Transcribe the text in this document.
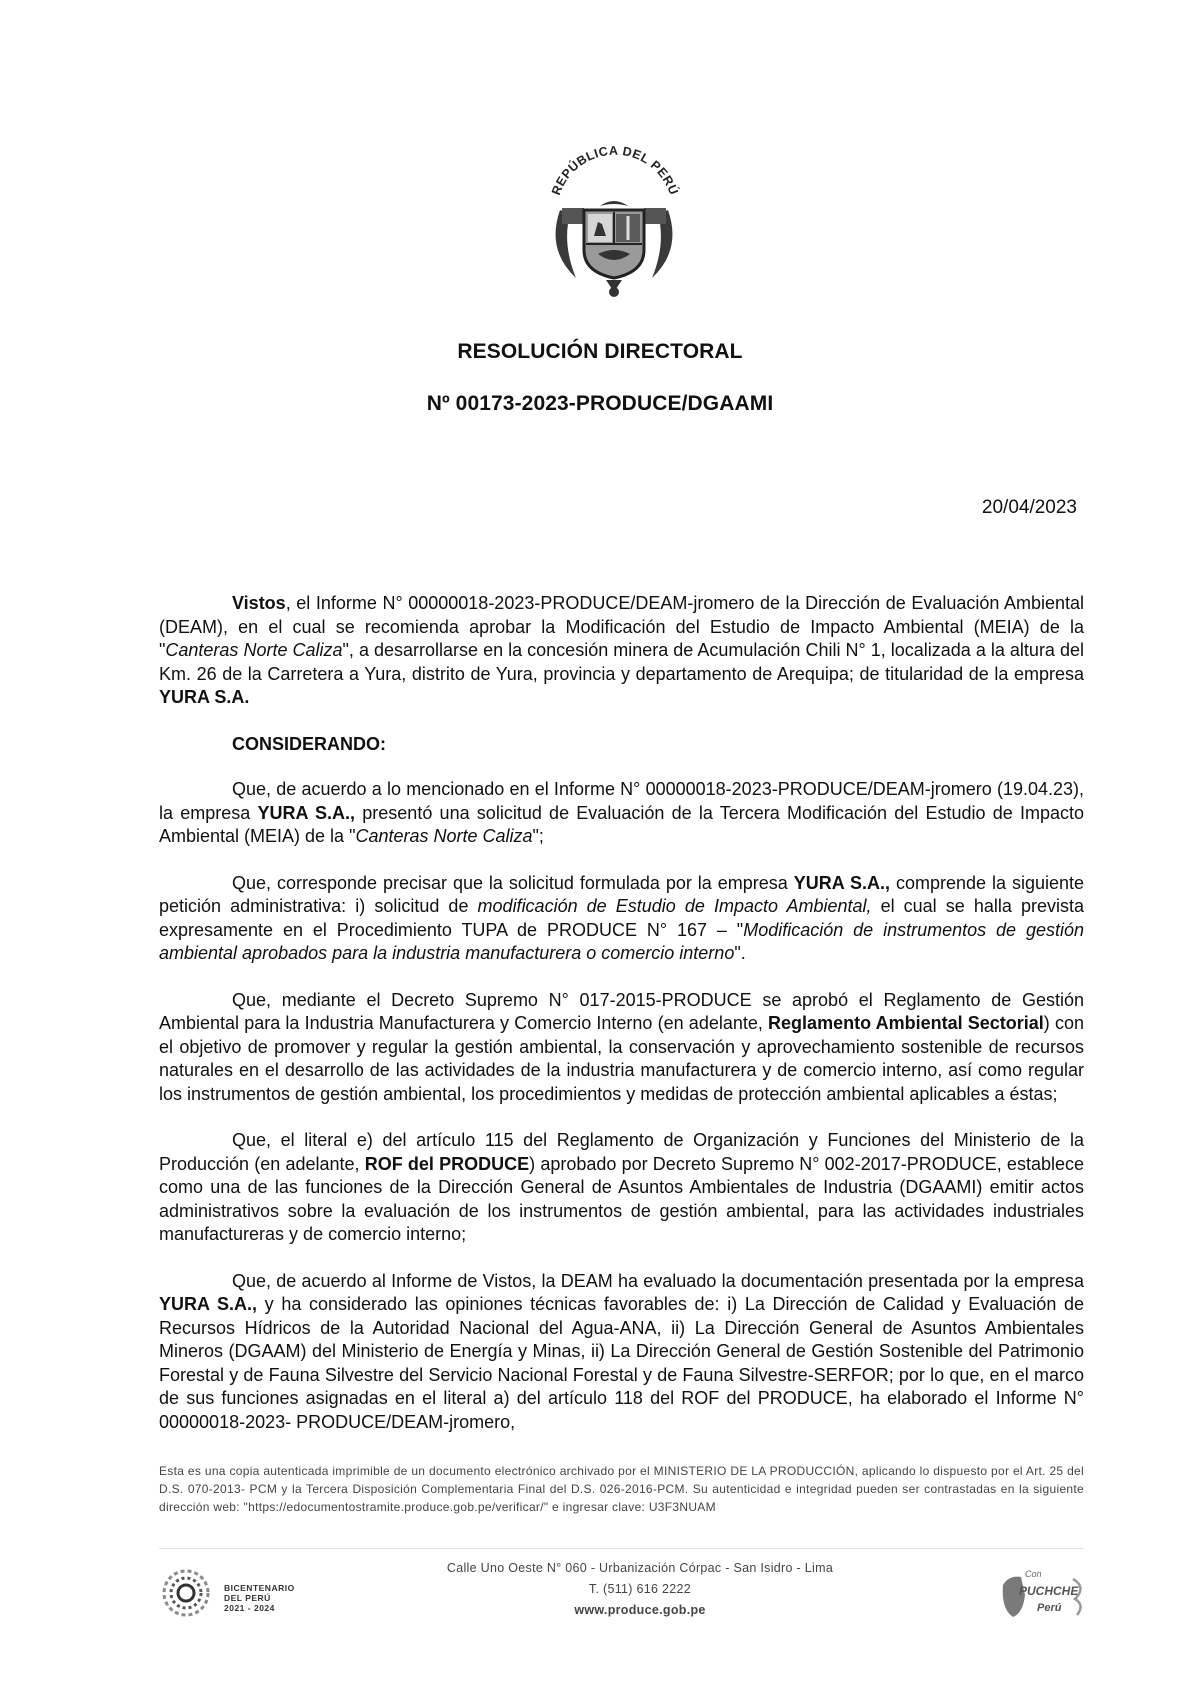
REPÚBLICA DEL PERÚ
RESOLUCIÓN DIRECTORAL
Nº 00173-2023-PRODUCE/DGAAMI
20/04/2023

Vistos, el Informe N° 00000018-2023-PRODUCE/DEAM-jromero de la Dirección de Evaluación Ambiental (DEAM), en el cual se recomienda aprobar la Modificación del Estudio de Impacto Ambiental (MEIA) de la "Canteras Norte Caliza", a desarrollarse en la concesión minera de Acumulación Chili N° 1, localizada a la altura del Km. 26 de la Carretera a Yura, distrito de Yura, provincia y departamento de Arequipa; de titularidad de la empresa YURA S.A.

CONSIDERANDO:

Que, de acuerdo a lo mencionado en el Informe N° 00000018-2023-PRODUCE/DEAM-jromero (19.04.23), la empresa YURA S.A., presentó una solicitud de Evaluación de la Tercera Modificación del Estudio de Impacto Ambiental (MEIA) de la "Canteras Norte Caliza";

Que, corresponde precisar que la solicitud formulada por la empresa YURA S.A., comprende la siguiente petición administrativa: i) solicitud de modificación de Estudio de Impacto Ambiental, el cual se halla prevista expresamente en el Procedimiento TUPA de PRODUCE N° 167 – "Modificación de instrumentos de gestión ambiental aprobados para la industria manufacturera o comercio interno".

Que, mediante el Decreto Supremo N° 017-2015-PRODUCE se aprobó el Reglamento de Gestión Ambiental para la Industria Manufacturera y Comercio Interno (en adelante, Reglamento Ambiental Sectorial) con el objetivo de promover y regular la gestión ambiental, la conservación y aprovechamiento sostenible de recursos naturales en el desarrollo de las actividades de la industria manufacturera y de comercio interno, así como regular los instrumentos de gestión ambiental, los procedimientos y medidas de protección ambiental aplicables a éstas;

Que, el literal e) del artículo 115 del Reglamento de Organización y Funciones del Ministerio de la Producción (en adelante, ROF del PRODUCE) aprobado por Decreto Supremo N° 002-2017-PRODUCE, establece como una de las funciones de la Dirección General de Asuntos Ambientales de Industria (DGAAMI) emitir actos administrativos sobre la evaluación de los instrumentos de gestión ambiental, para las actividades industriales manufactureras y de comercio interno;

Que, de acuerdo al Informe de Vistos, la DEAM ha evaluado la documentación presentada por la empresa YURA S.A., y ha considerado las opiniones técnicas favorables de: i) La Dirección de Calidad y Evaluación de Recursos Hídricos de la Autoridad Nacional del Agua-ANA, ii) La Dirección General de Asuntos Ambientales Mineros (DGAAM) del Ministerio de Energía y Minas, ii) La Dirección General de Gestión Sostenible del Patrimonio Forestal y de Fauna Silvestre del Servicio Nacional Forestal y de Fauna Silvestre-SERFOR; por lo que, en el marco de sus funciones asignadas en el literal a) del artículo 118 del ROF del PRODUCE, ha elaborado el Informe N° 00000018-2023- PRODUCE/DEAM-jromero,

Esta es una copia autenticada imprimible de un documento electrónico archivado por el MINISTERIO DE LA PRODUCCIÓN, aplicando lo dispuesto por el Art. 25 del D.S. 070-2013- PCM y la Tercera Disposición Complementaria Final del D.S. 026-2016-PCM. Su autenticidad e integridad pueden ser contrastadas en la siguiente dirección web: "https://edocumentostramite.produce.gob.pe/verificar/" e ingresar clave: U3F3NUAM
BICENTENARIO
DEL PERÚ
2021 - 2024
Calle Uno Oeste N° 060 - Urbanización Córpac - San Isidro - Lima
T. (511) 616 2222
www.produce.gob.pe
Con
PUCHCHE
Perú
